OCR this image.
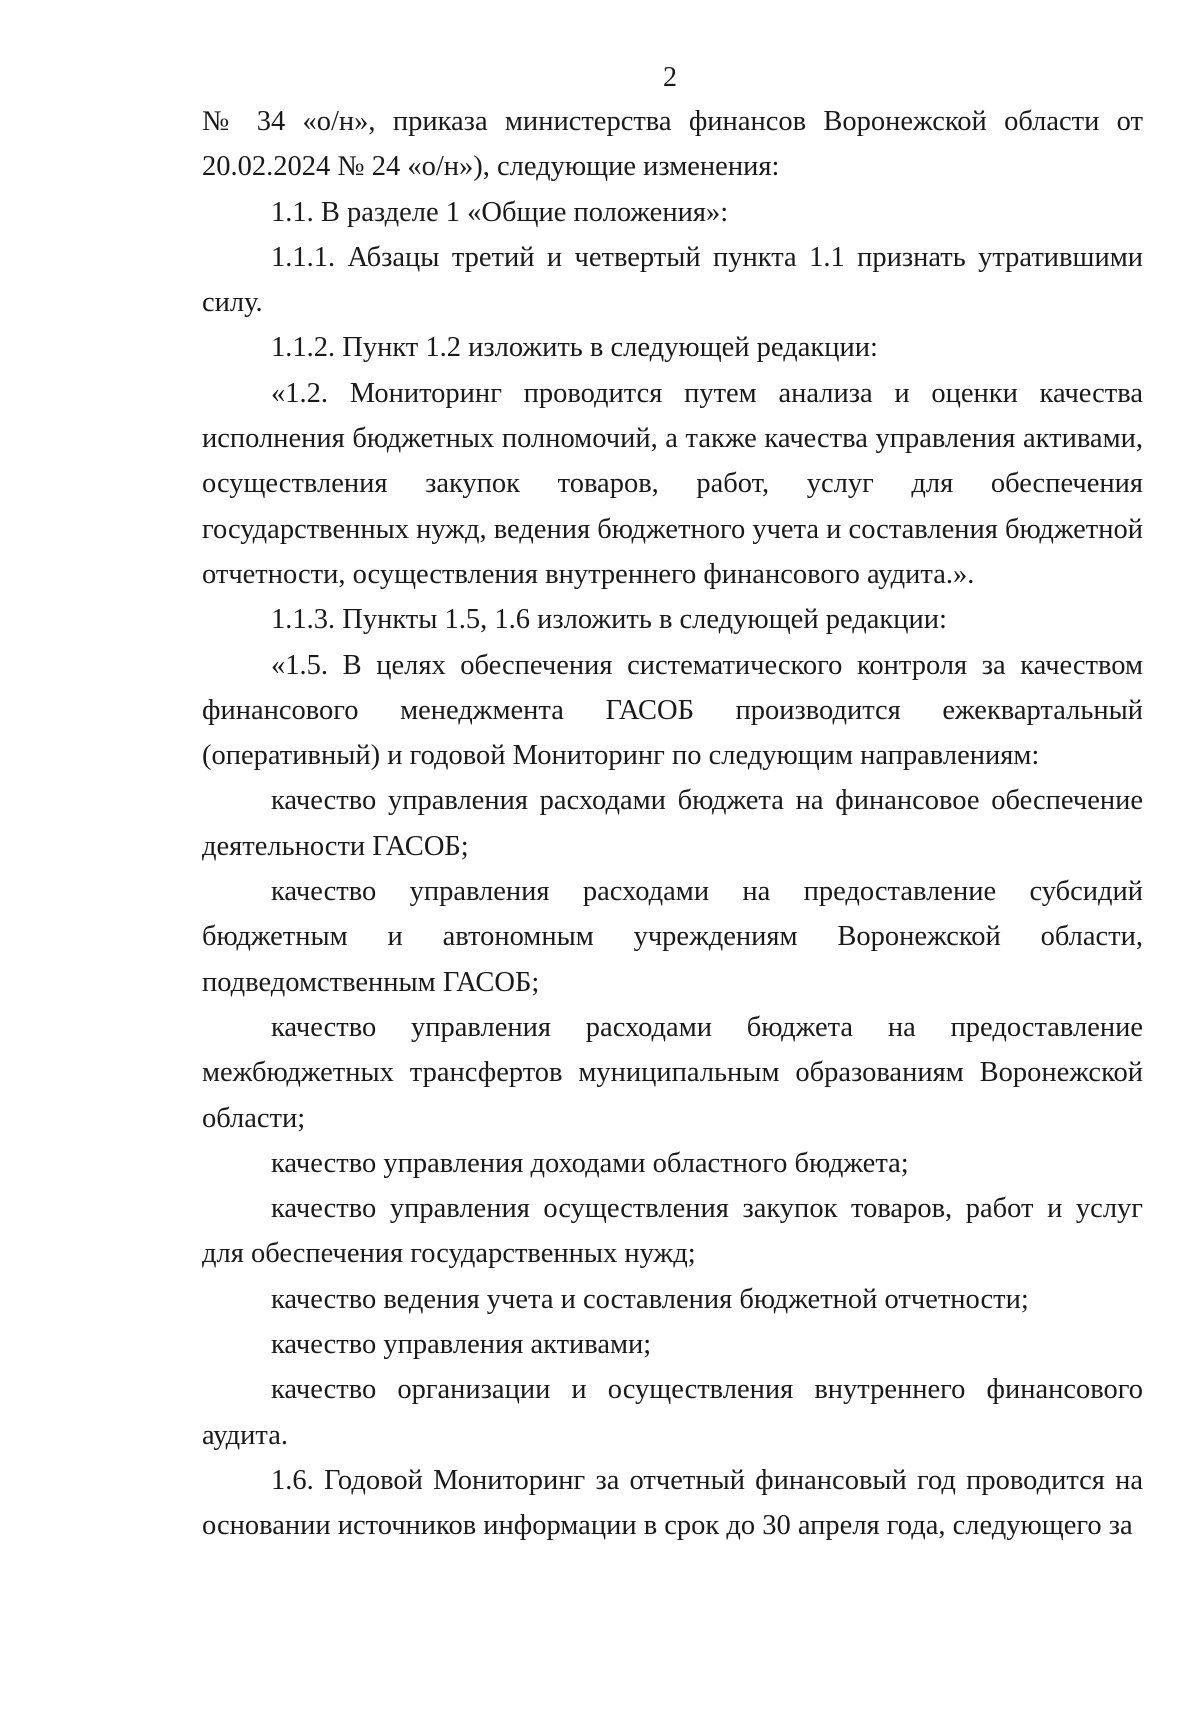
2

№ 34 «о/н», приказа министерства финансов Воронежской области от 20.02.2024 № 24 «о/н»), следующие изменения:

1.1. В разделе 1 «Общие положения»:

1.1.1. Абзацы третий и четвертый пункта 1.1 признать утратившими силу.

1.1.2. Пункт 1.2 изложить в следующей редакции:

«1.2. Мониторинг проводится путем анализа и оценки качества исполнения бюджетных полномочий, а также качества управления активами, осуществления закупок товаров, работ, услуг для обеспечения государственных нужд, ведения бюджетного учета и составления бюджетной отчетности, осуществления внутреннего финансового аудита.».

1.1.3. Пункты 1.5, 1.6 изложить в следующей редакции:

«1.5. В целях обеспечения систематического контроля за качеством финансового менеджмента ГАСОБ производится ежеквартальный (оперативный) и годовой Мониторинг по следующим направлениям:

качество управления расходами бюджета на финансовое обеспечение деятельности ГАСОБ;

качество управления расходами на предоставление субсидий бюджетным и автономным учреждениям Воронежской области, подведомственным ГАСОБ;

качество управления расходами бюджета на предоставление межбюджетных трансфертов муниципальным образованиям Воронежской области;

качество управления доходами областного бюджета;

качество управления осуществления закупок товаров, работ и услуг для обеспечения государственных нужд;

качество ведения учета и составления бюджетной отчетности;

качество управления активами;

качество организации и осуществления внутреннего финансового аудита.

1.6. Годовой Мониторинг за отчетный финансовый год проводится на основании источников информации в срок до 30 апреля года, следующего за
